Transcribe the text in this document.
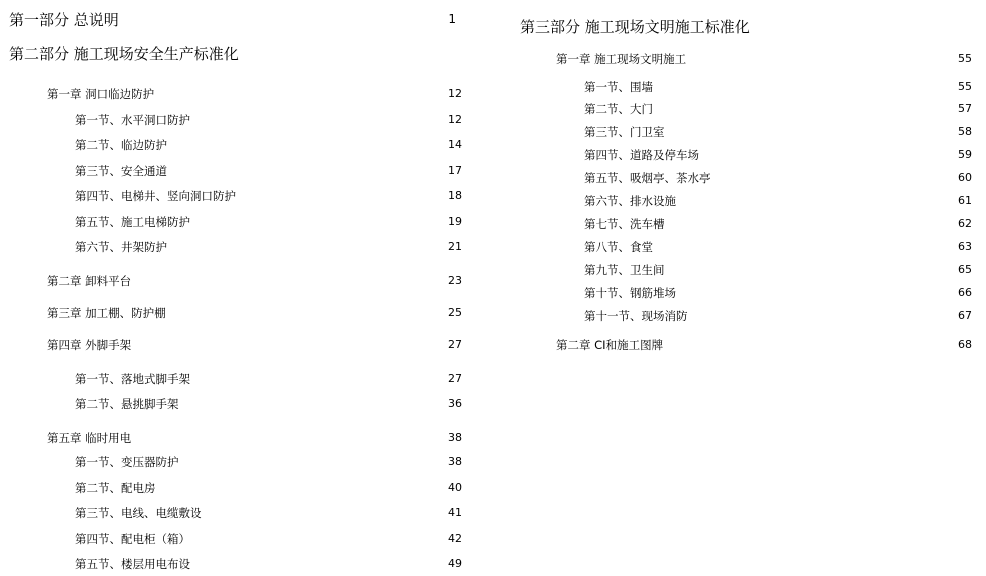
第一部分 总说明	1
第二部分 施工现场安全生产标准化
第一章 洞口临边防护	12
第一节、水平洞口防护	12
第二节、临边防护	14
第三节、安全通道	17
第四节、电梯井、竖向洞口防护	18
第五节、施工电梯防护	19
第六节、井架防护	21
第二章 卸料平台	23
第三章 加工棚、防护棚	25
第四章 外脚手架	27
第一节、落地式脚手架	27
第二节、悬挑脚手架	36
第五章 临时用电	38
第一节、变压器防护	38
第二节、配电房	40
第三节、电线、电缆敷设	41
第四节、配电柜（箱）	42
第五节、楼层用电布设	49
第三部分 施工现场文明施工标准化
第一章 施工现场文明施工	55
第一节、围墙	55
第二节、大门	57
第三节、门卫室	58
第四节、道路及停车场	59
第五节、吸烟亭、茶水亭	60
第六节、排水设施	61
第七节、洗车槽	62
第八节、食堂	63
第九节、卫生间	65
第十节、钢筋堆场	66
第十一节、现场消防	67
第二章 CI和施工图牌	68
